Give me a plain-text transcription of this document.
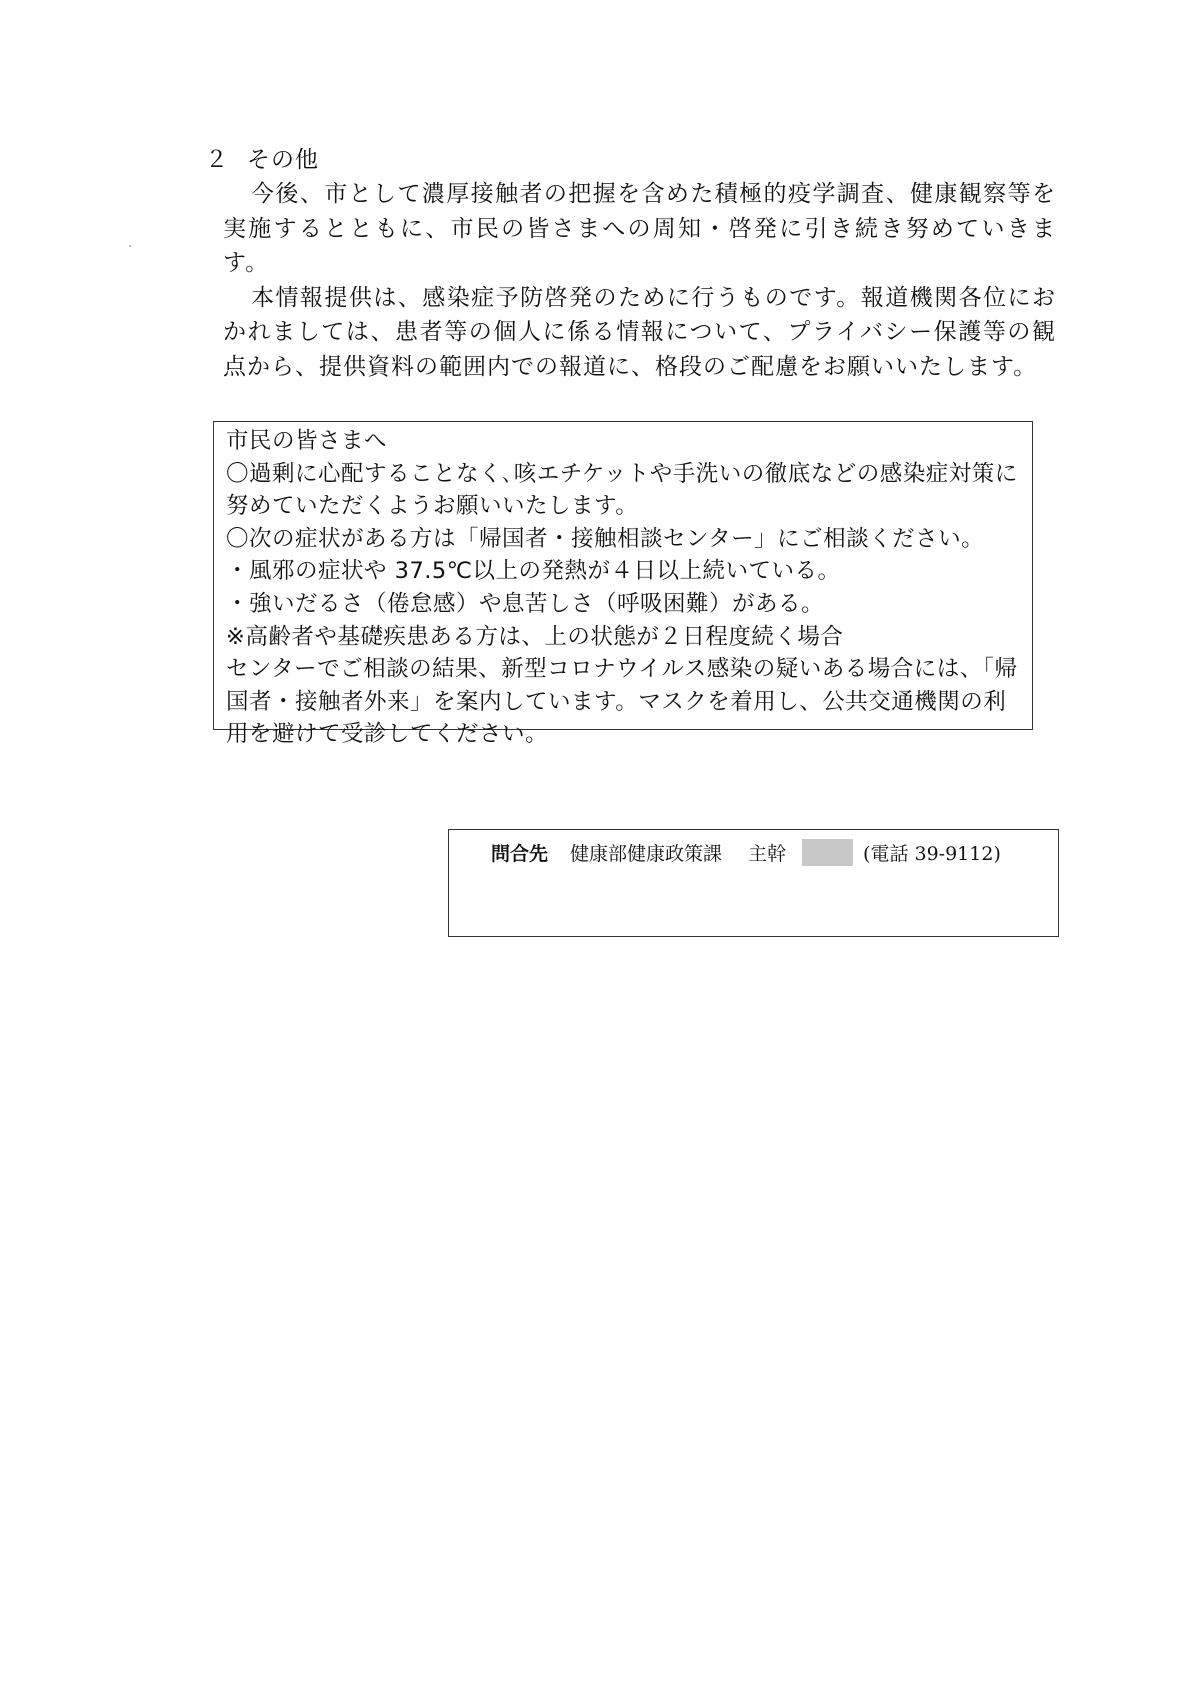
２ その他

今後、市として濃厚接触者の把握を含めた積極的疫学調査、健康観察等を実施するとともに、市民の皆さまへの周知・啓発に引き続き努めていきます。

本情報提供は、感染症予防啓発のために行うものです。報道機関各位におかれましては、患者等の個人に係る情報について、プライバシー保護等の観点から、提供資料の範囲内での報道に、格段のご配慮をお願いいたします。

市民の皆さまへ

〇過剰に心配することなく､咳エチケットや手洗いの徹底などの感染症対策に努めていただくようお願いいたします。

〇次の症状がある方は「帰国者・接触相談センター」にご相談ください。

・風邪の症状や 37.5℃以上の発熱が４日以上続いている。

・強いだるさ（倦怠感）や息苦しさ（呼吸困難）がある。

※高齢者や基礎疾患ある方は、上の状態が２日程度続く場合

センターでご相談の結果、新型コロナウイルス感染の疑いある場合には、「帰国者・接触者外来」を案内しています。マスクを着用し、公共交通機関の利用を避けて受診してください。

問合先 健康部健康政策課 主幹	(電話 39-9112)
